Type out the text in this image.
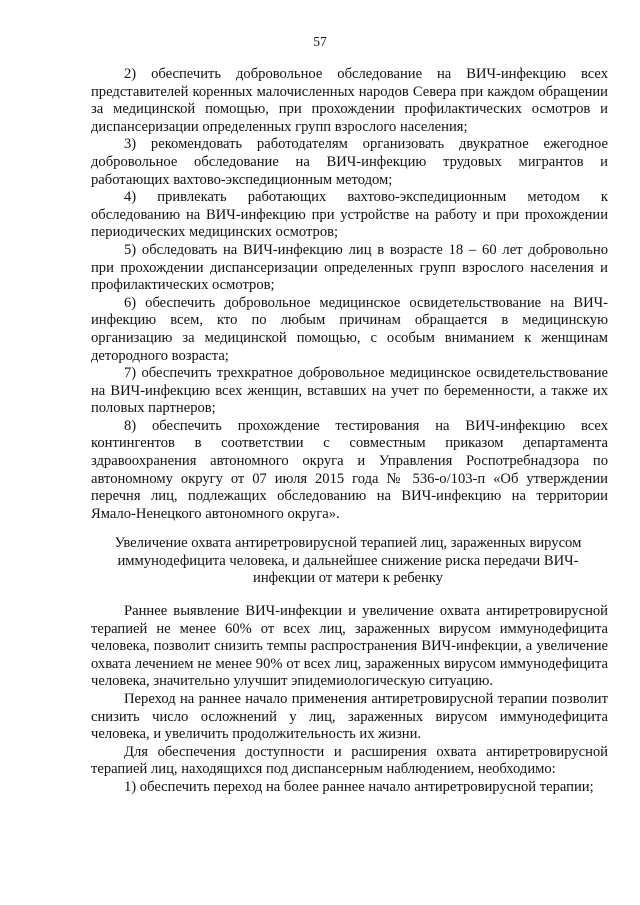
57

2) обеспечить добровольное обследование на ВИЧ-инфекцию всех представителей коренных малочисленных народов Севера при каждом обращении за медицинской помощью, при прохождении профилактических осмотров и диспансеризации определенных групп взрослого населения;

3) рекомендовать работодателям организовать двукратное ежегодное добровольное обследование на ВИЧ-инфекцию трудовых мигрантов и работающих вахтово-экспедиционным методом;

4) привлекать работающих вахтово-экспедиционным методом к обследованию на ВИЧ-инфекцию при устройстве на работу и при прохождении периодических медицинских осмотров;

5) обследовать на ВИЧ-инфекцию лиц в возрасте 18 – 60 лет добровольно при прохождении диспансеризации определенных групп взрослого населения и профилактических осмотров;

6) обеспечить добровольное медицинское освидетельствование на ВИЧ-инфекцию всем, кто по любым причинам обращается в медицинскую организацию за медицинской помощью, с особым вниманием к женщинам детородного возраста;

7) обеспечить трехкратное добровольное медицинское освидетельствование на ВИЧ-инфекцию всех женщин, вставших на учет по беременности, а также их половых партнеров;

8) обеспечить прохождение тестирования на ВИЧ-инфекцию всех контингентов в соответствии с совместным приказом департамента здравоохранения автономного округа и Управления Роспотребнадзора по автономному округу от 07 июля 2015 года № 536-о/103-п «Об утверждении перечня лиц, подлежащих обследованию на ВИЧ-инфекцию на территории Ямало-Ненецкого автономного округа».

Увеличение охвата антиретровирусной терапией лиц, зараженных вирусом иммунодефицита человека, и дальнейшее снижение риска передачи ВИЧ-инфекции от матери к ребенку

Раннее выявление ВИЧ-инфекции и увеличение охвата антиретровирусной терапией не менее 60% от всех лиц, зараженных вирусом иммунодефицита человека, позволит снизить темпы распространения ВИЧ-инфекции, а увеличение охвата лечением не менее 90% от всех лиц, зараженных вирусом иммунодефицита человека, значительно улучшит эпидемиологическую ситуацию.

Переход на раннее начало применения антиретровирусной терапии позволит снизить число осложнений у лиц, зараженных вирусом иммунодефицита человека, и увеличить продолжительность их жизни.

Для обеспечения доступности и расширения охвата антиретровирусной терапией лиц, находящихся под диспансерным наблюдением, необходимо:

1) обеспечить переход на более раннее начало антиретровирусной терапии;
